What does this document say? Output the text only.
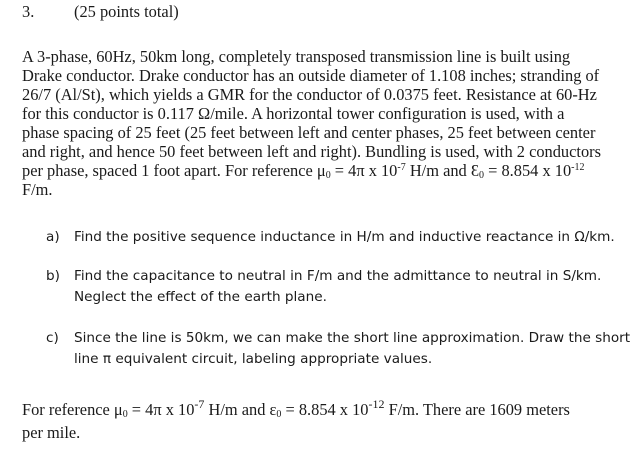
3. (25 points total)
A 3-phase, 60Hz, 50km long, completely transposed transmission line is built using
Drake conductor. Drake conductor has an outside diameter of 1.108 inches; stranding of
26/7 (Al/St), which yields a GMR for the conductor of 0.0375 feet. Resistance at 60-Hz
for this conductor is 0.117 Ω/mile. A horizontal tower configuration is used, with a
phase spacing of 25 feet (25 feet between left and center phases, 25 feet between center
and right, and hence 50 feet between left and right). Bundling is used, with 2 conductors
per phase, spaced 1 foot apart. For reference $\mu_0 = 4\pi$ x $10^{-7}$ H/m and $Ɛ_0 = 8.854$ x $10^{-12}$
F/m.
a) Find the positive sequence inductance in H/m and inductive reactance in Ω/km.
b) Find the capacitance to neutral in F/m and the admittance to neutral in S/km.
Neglect the effect of the earth plane.
c) Since the line is 50km, we can make the short line approximation. Draw the short
line π equivalent circuit, labeling appropriate values.
For reference $\mu_0 = 4\pi$ x $10^{-7}$ H/m and $\varepsilon_0 = 8.854$ x $10^{-12}$ F/m. There are 1609 meters
per mile.
